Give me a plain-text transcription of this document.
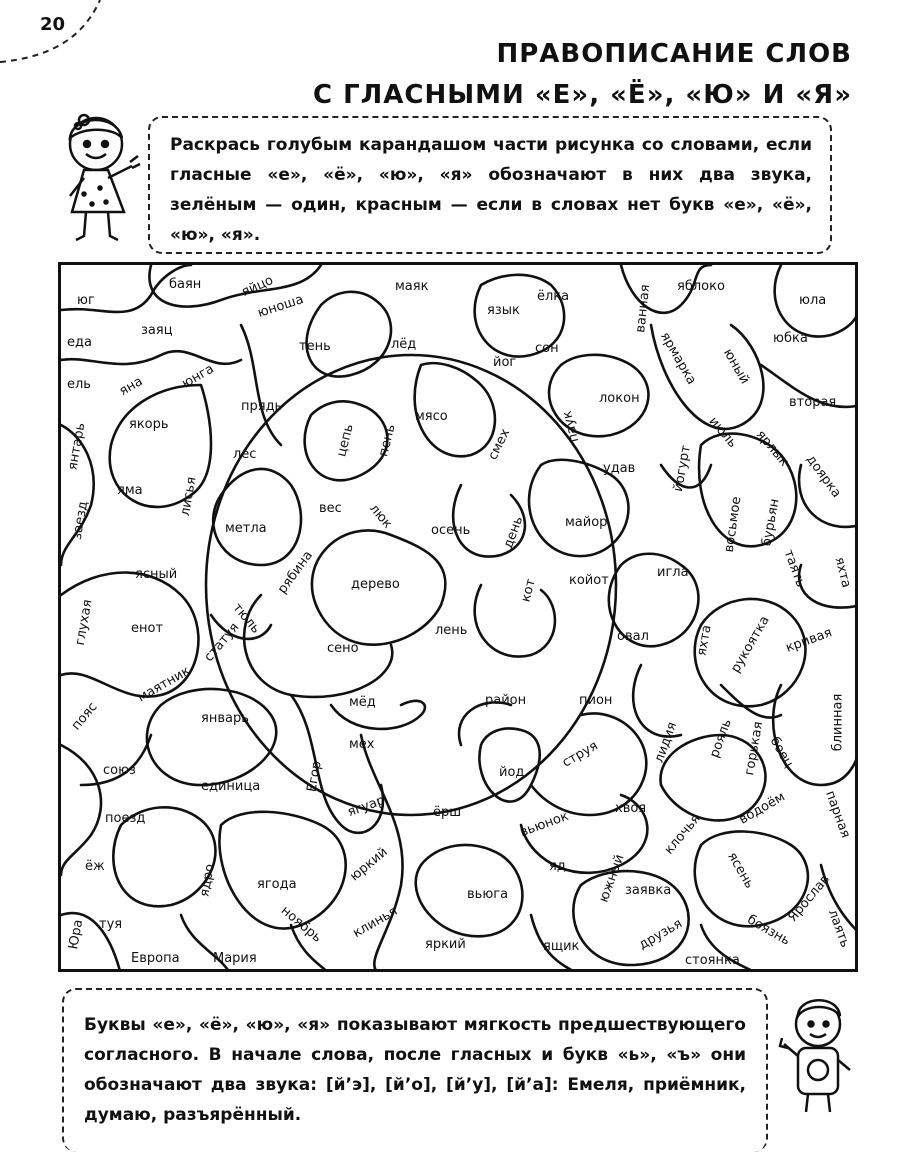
20
ПРАВОПИСАНИЕ СЛОВ
С ГЛАСНЫМИ «Е», «Ё», «Ю» И «Я»
Раскрась голубым карандашом части рисунка со словами, если гласные «е», «ё», «ю», «я» обозначают в них два звука, зелёным — один, красным — если в словах нет букв «е», «ё», «ю», «я».
юг
баян	яйцо
юноша
маяк
язык
ёлка	ванная яблоко
юла
еда
заяц
тень	лёд
йог
сон	ярмарка	юбка
ель яна	юнга
прядь
мясо
локон
юный
вторая
янтарь	якорь	цепь пень	смех
паук
ярлык
июль
доярка
лес
удав	йогурт
заезд
яма	лисья	вес люк	осень
майор
метла	день	восьмое бурьян
ясный
кот койот
игла	таять яхта
рябина	дерево
глухая	енот	тюль
статуя	лень	овал	яхта рукоятка кривая
сено
маятник	район	пион
мёд
пояс	январь
лидия рояль горькая боец
блинная
мех
Егор
струя
йод
союз
единица
ягуар	ёрш	водоём
вьюнок
хвоя
поезд	клочья	парная
ёж	ядро	юркий	яд южный
заявка	ясень
ягода
вьюга	Ярослав
туя	ноябрь клинья
Юра	яркий	ящик	друзья	боязнь лаять
Европа	Мария	стоянка
Буквы «е», «ё», «ю», «я» показывают мягкость предшествующего согласного. В начале слова, после гласных и букв «ь», «ъ» они обозначают два звука: [й’э], [й’о], [й’у], [й’а]: Емеля, приёмник, думаю, разъярённый.
